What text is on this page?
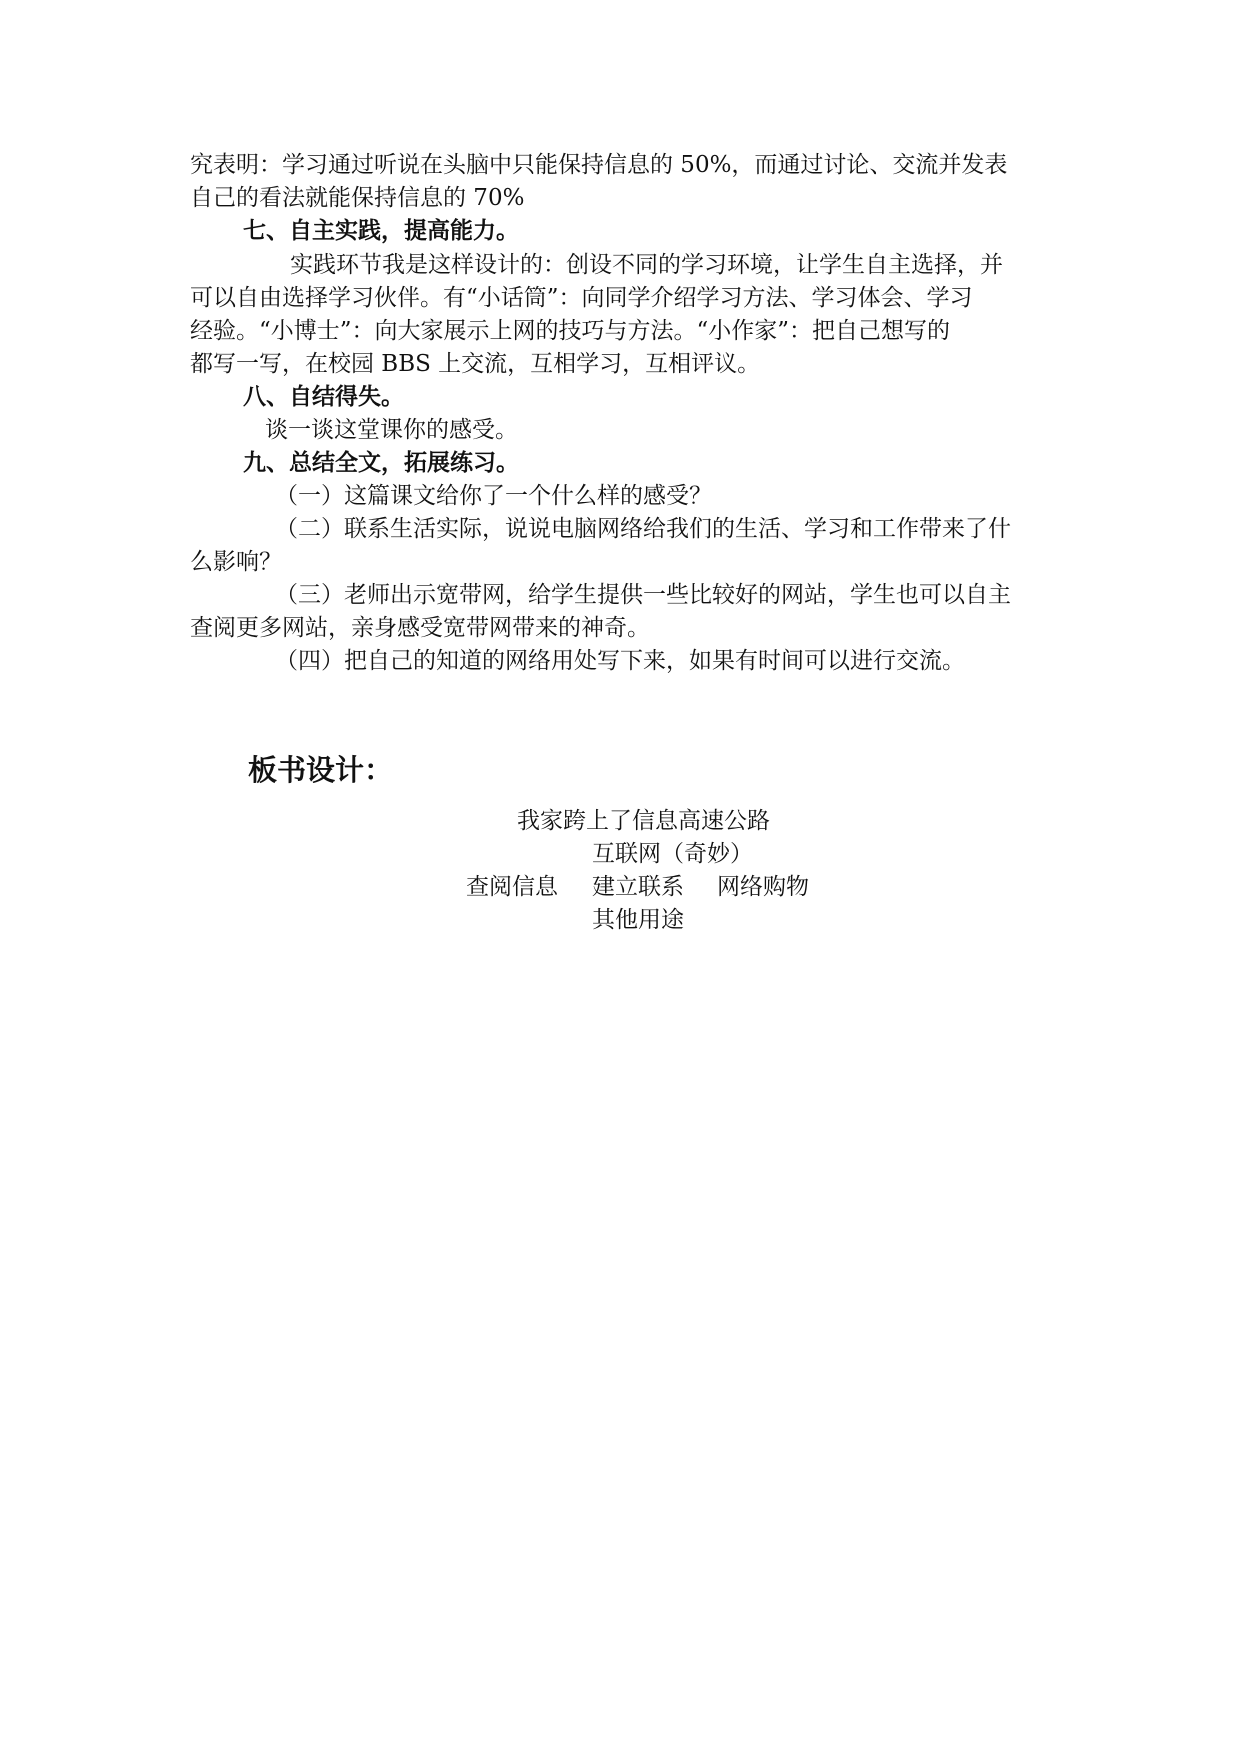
究表明：学习通过听说在头脑中只能保持信息的 50%，而通过讨论、交流并发表
自己的看法就能保持信息的 70%
七、自主实践，提高能力。
实践环节我是这样设计的：创设不同的学习环境，让学生自主选择，并
可以自由选择学习伙伴。有“小话筒”：向同学介绍学习方法、学习体会、学习
经验。“小博士”：向大家展示上网的技巧与方法。“小作家”：把自己想写的
都写一写，在校园 BBS 上交流，互相学习，互相评议。
八、自结得失。
谈一谈这堂课你的感受。
九、总结全文，拓展练习。
（一）这篇课文给你了一个什么样的感受？
（二）联系生活实际，说说电脑网络给我们的生活、学习和工作带来了什
么影响？
（三）老师出示宽带网，给学生提供一些比较好的网站，学生也可以自主
查阅更多网站，亲身感受宽带网带来的神奇。
（四）把自己的知道的网络用处写下来，如果有时间可以进行交流。
板书设计：
我家跨上了信息高速公路
互联网（奇妙）
查阅信息 建立联系 网络购物
其他用途
